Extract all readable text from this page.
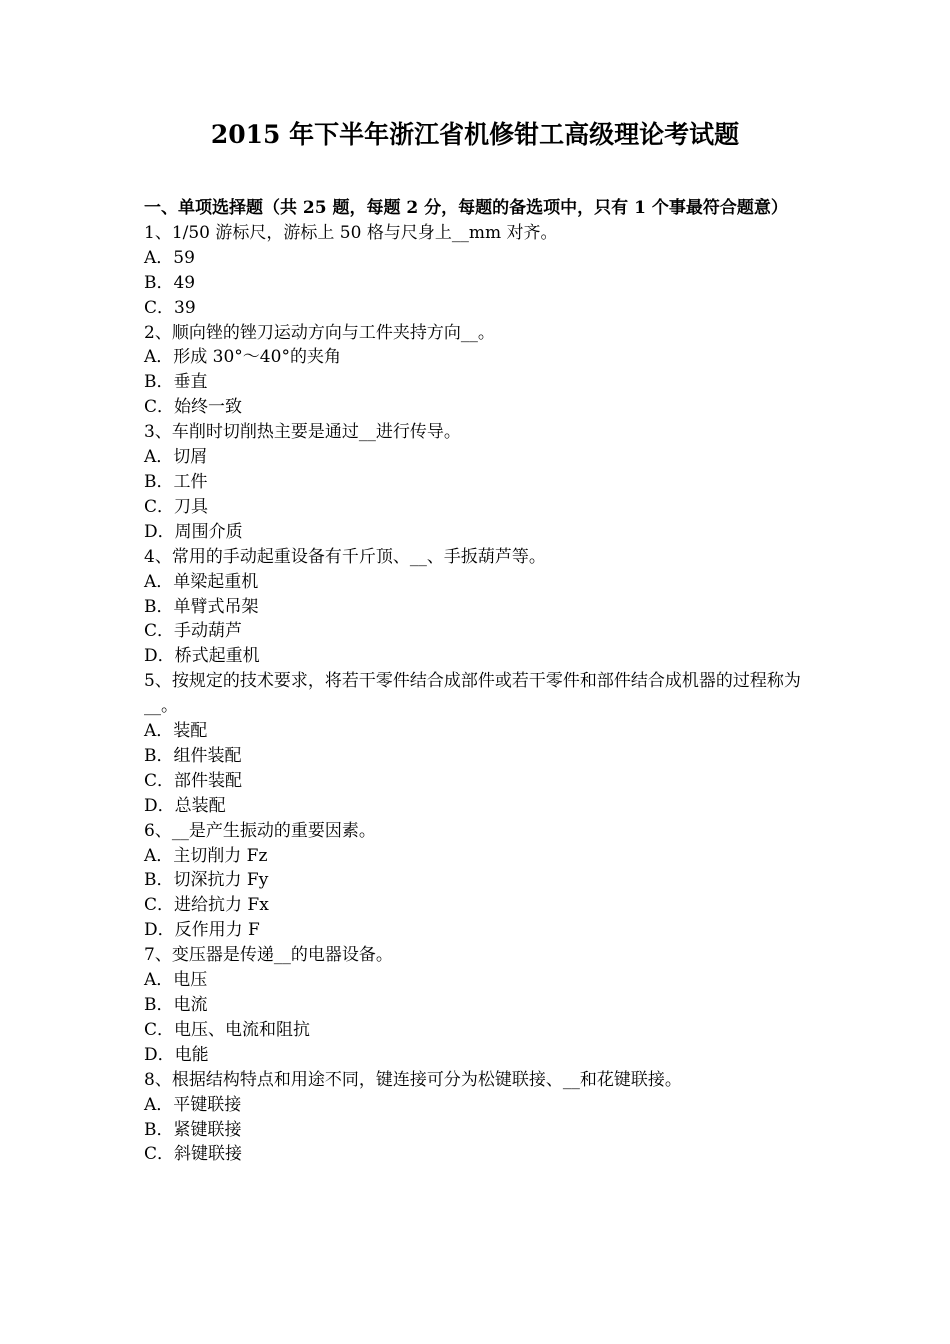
2015 年下半年浙江省机修钳工高级理论考试题
一、单项选择题（共 25 题，每题 2 分，每题的备选项中，只有 1 个事最符合题意）
1、1/50 游标尺，游标上 50 格与尺身上__mm 对齐。
A．59
B．49
C．39
2、顺向锉的锉刀运动方向与工件夹持方向__。
A．形成 30°～40°的夹角
B．垂直
C．始终一致
3、车削时切削热主要是通过__进行传导。
A．切屑
B．工件
C．刀具
D．周围介质
4、常用的手动起重设备有千斤顶、__、手扳葫芦等。
A．单梁起重机
B．单臂式吊架
C．手动葫芦
D．桥式起重机
5、按规定的技术要求，将若干零件结合成部件或若干零件和部件结合成机器的过程称为__。
A．装配
B．组件装配
C．部件装配
D．总装配
6、__是产生振动的重要因素。
A．主切削力 Fz
B．切深抗力 Fy
C．进给抗力 Fx
D．反作用力 F
7、变压器是传递__的电器设备。
A．电压
B．电流
C．电压、电流和阻抗
D．电能
8、根据结构特点和用途不同，键连接可分为松键联接、__和花键联接。
A．平键联接
B．紧键联接
C．斜键联接
